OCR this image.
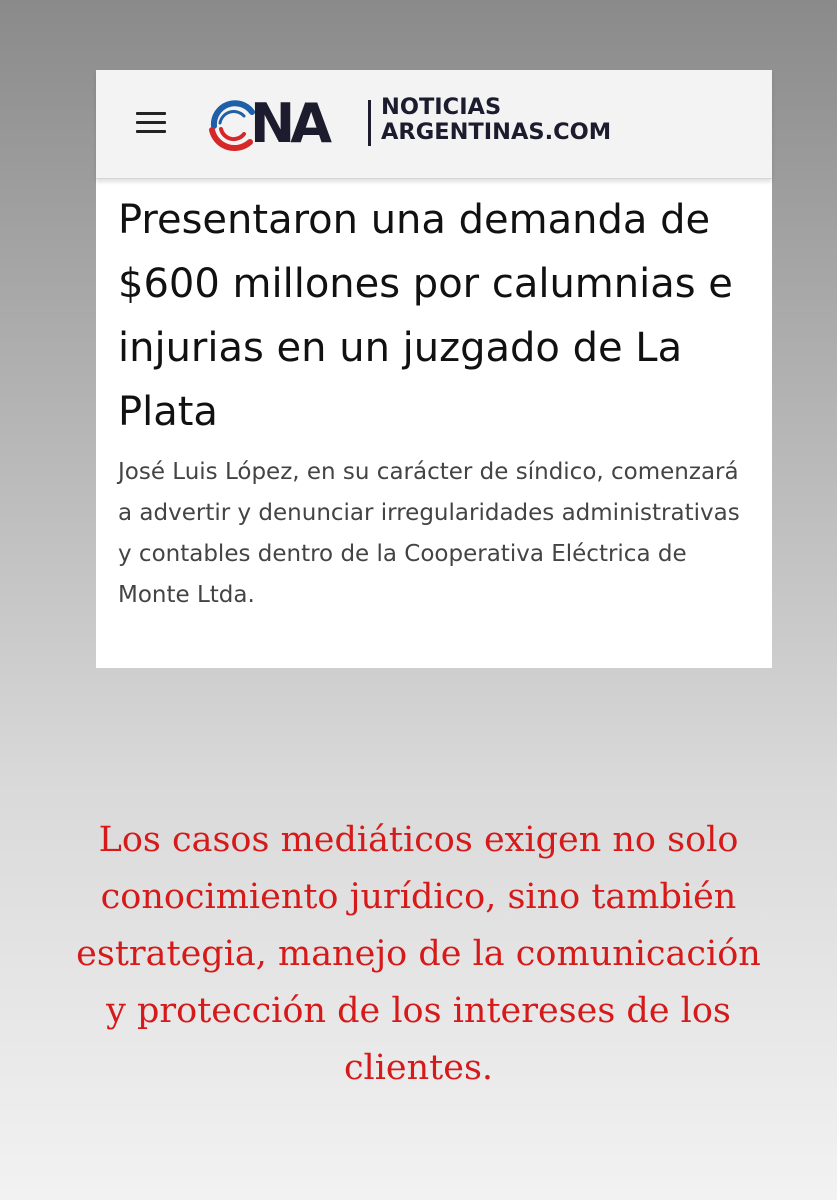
NA NOTICIAS
ARGENTINAS.COM
Presentaron una demanda de $600 millones por calumnias e injurias en un juzgado de La Plata

José Luis López, en su carácter de síndico, comenzará a advertir y denunciar irregularidades administrativas y contables dentro de la Cooperativa Eléctrica de Monte Ltda.

Los casos mediáticos exigen no solo conocimiento jurídico, sino también estrategia, manejo de la comunicación y protección de los intereses de los clientes.
